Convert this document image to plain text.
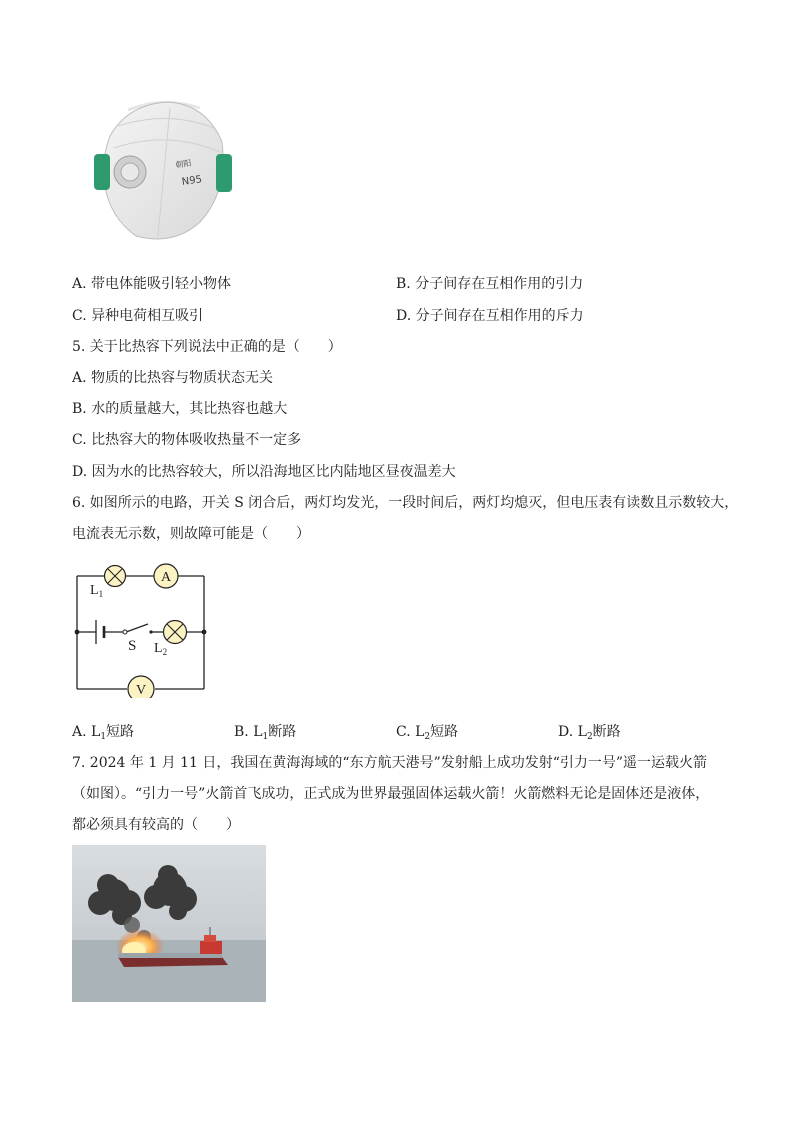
朝阳
N95
A. 带电体能吸引轻小物体	B. 分子间存在互相作用的引力
C. 异种电荷相互吸引	D. 分子间存在互相作用的斥力
5. 关于比热容下列说法中正确的是（　　）
A. 物质的比热容与物质状态无关
B. 水的质量越大，其比热容也越大
C. 比热容大的物体吸收热量不一定多
D. 因为水的比热容较大，所以沿海地区比内陆地区昼夜温差大
6. 如图所示的电路，开关 S 闭合后，两灯均发光，一段时间后，两灯均熄灭，但电压表有读数且示数较大，
电流表无示数，则故障可能是（　　）
A
V
$L_1$
S $L_2$
A. $L_1$短路	B. $L_1$断路	C. $L_2$短路	D. $L_2$断路
7. 2024 年 1 月 11 日，我国在黄海海域的“东方航天港号”发射船上成功发射“引力一号”遥一运载火箭
（如图）。“引力一号”火箭首飞成功，正式成为世界最强固体运载火箭！火箭燃料无论是固体还是液体，
都必须具有较高的（　　）
